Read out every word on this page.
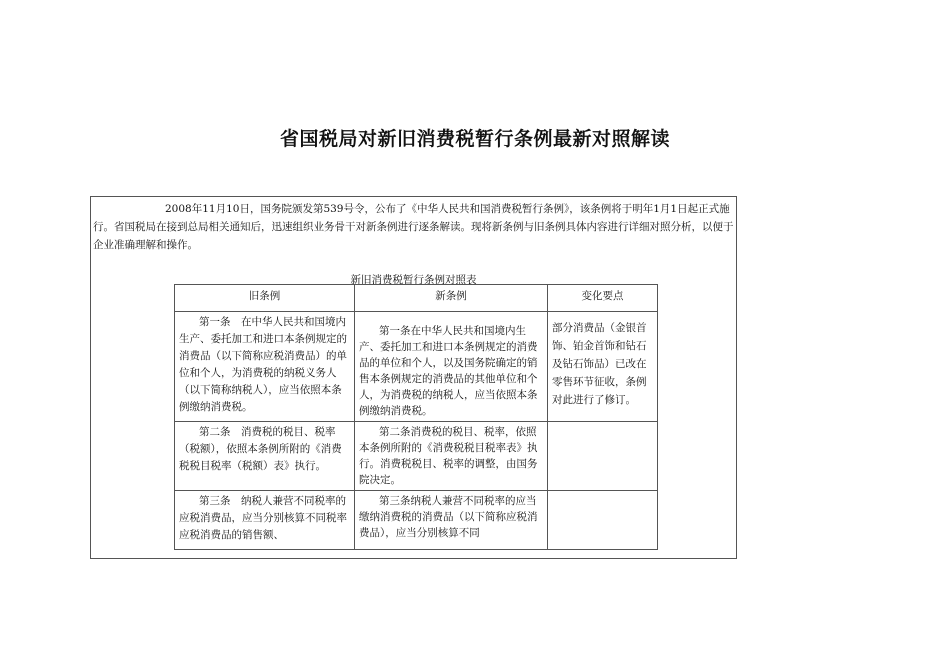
省国税局对新旧消费税暂行条例最新对照解读
2008年11月10日，国务院颁发第539号令，公布了《中华人民共和国消费税暂行条例》，该条例将于明年1月1日起正式施行。省国税局在接到总局相关通知后，迅速组织业务骨干对新条例进行逐条解读。现将新条例与旧条例具体内容进行详细对照分析，以便于企业准确理解和操作。
新旧消费税暂行条例对照表
旧条例	新条例	变化要点
第一条　在中华人民共和国境内生产、委托加工和进口本条例规定的消费品（以下简称应税消费品）的单位和个人，为消费税的纳税义务人（以下简称纳税人），应当依照本条例缴纳消费税。	第一条在中华人民共和国境内生产、委托加工和进口本条例规定的消费品的单位和个人，以及国务院确定的销售本条例规定的消费品的其他单位和个人，为消费税的纳税人，应当依照本条例缴纳消费税。	部分消费品（金银首饰、铂金首饰和钻石及钻石饰品）已改在零售环节征收，条例对此进行了修订。
第二条　消费税的税目、税率（税额），依照本条例所附的《消费税税目税率（税额）表》执行。	第二条消费税的税目、税率，依照本条例所附的《消费税税目税率表》执行。消费税税目、税率的调整，由国务院决定。	
第三条　纳税人兼营不同税率的应税消费品，应当分别核算不同税率应税消费品的销售额、	第三条纳税人兼营不同税率的应当缴纳消费税的消费品（以下简称应税消费品），应当分别核算不同	
